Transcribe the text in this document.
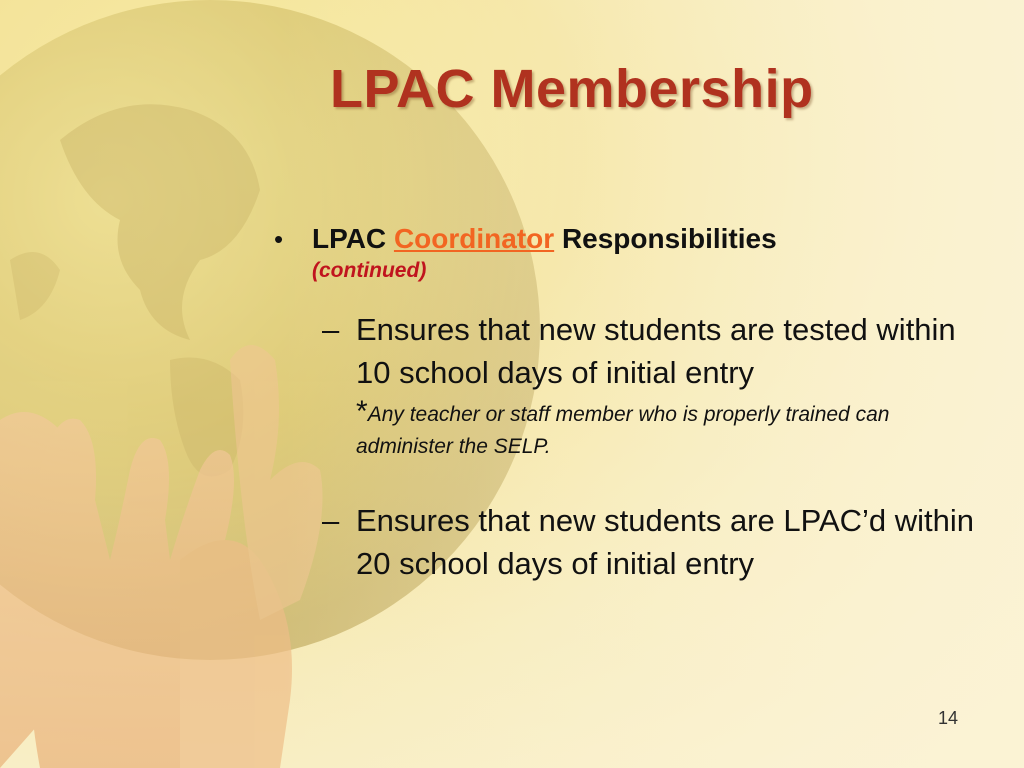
LPAC Membership
• LPAC Coordinator Responsibilities
(continued)
– Ensures that new students are tested within 10 school days of initial entry
*Any teacher or staff member who is properly trained can administer the SELP.
– Ensures that new students are LPAC’d within 20 school days of initial entry
14
